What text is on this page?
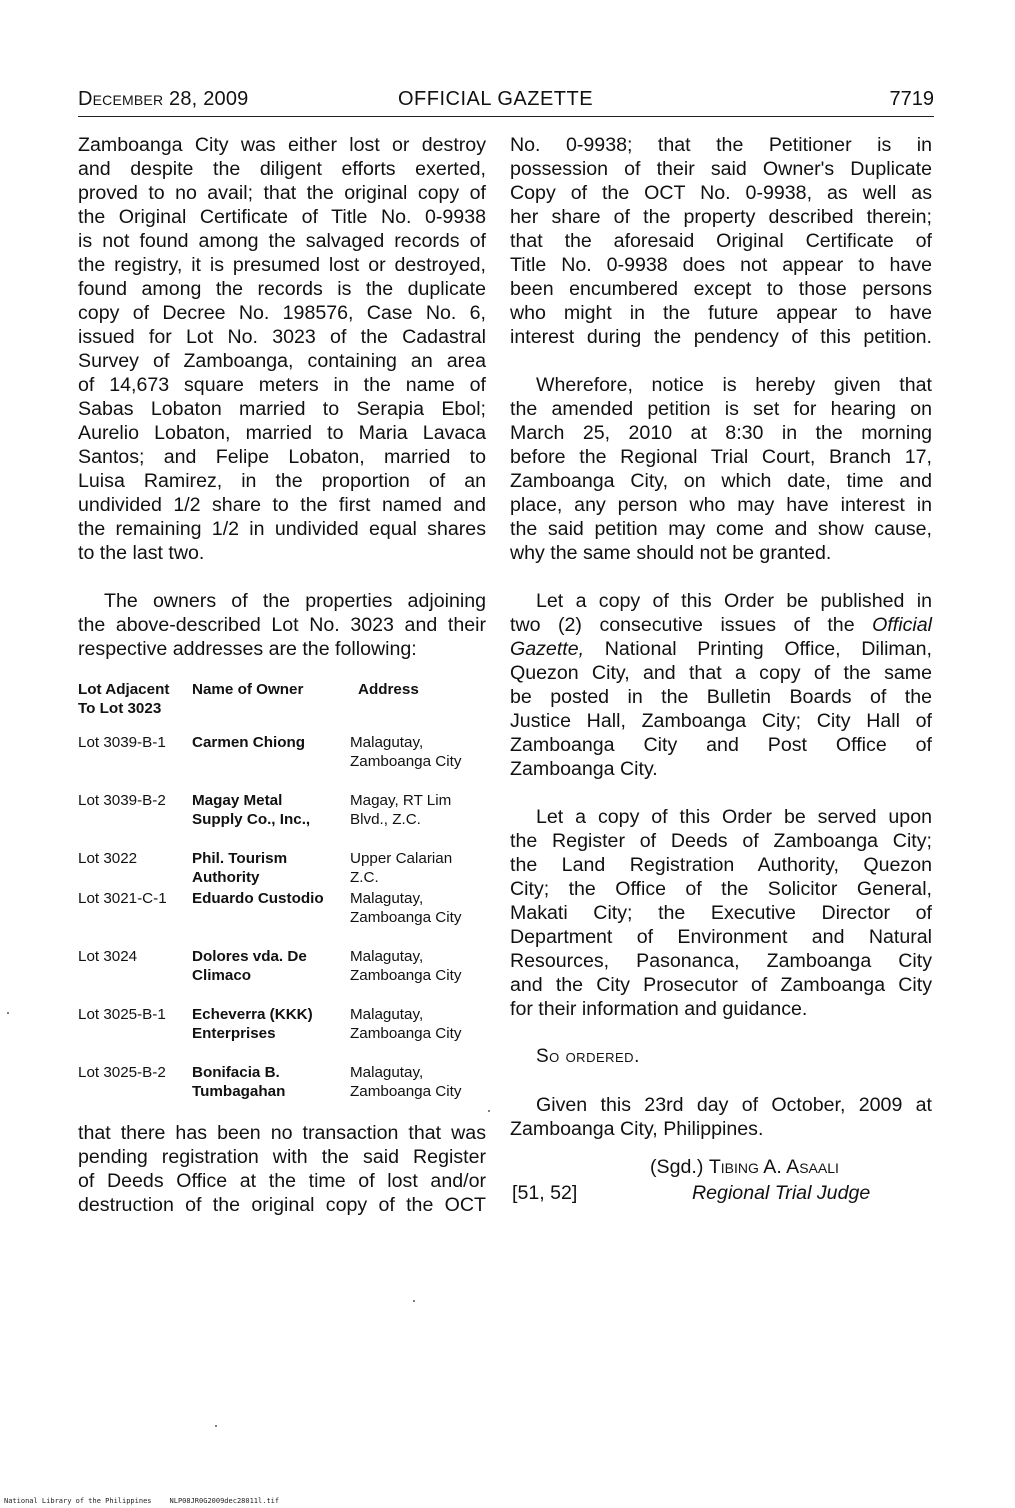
December 28, 2009	OFFICIAL GAZETTE	7719

Zamboanga City was either lost or destroy
and despite the diligent efforts exerted,
proved to no avail; that the original copy of
the Original Certificate of Title No. 0-9938
is not found among the salvaged records of
the registry, it is presumed lost or destroyed,
found among the records is the duplicate
copy of Decree No. 198576, Case No. 6,
issued for Lot No. 3023 of the Cadastral
Survey of Zamboanga, containing an area
of 14,673 square meters in the name of
Sabas Lobaton married to Serapia Ebol;
Aurelio Lobaton, married to Maria Lavaca
Santos; and Felipe Lobaton, married to
Luisa Ramirez, in the proportion of an
undivided 1/2 share to the first named and
the remaining 1/2 in undivided equal shares
to the last two.

The owners of the properties adjoining
the above-described Lot No. 3023 and their
respective addresses are the following:

Lot Adjacent
To Lot 3023	Name of Owner	Address
Lot 3039-B-1	Carmen Chiong	Malagutay,
Zamboanga City
Lot 3039-B-2	Magay Metal
Supply Co., Inc.,	Magay, RT Lim
Blvd., Z.C.
Lot 3022	Phil. Tourism
Authority	Upper Calarian
Z.C.
Lot 3021-C-1	Eduardo Custodio	Malagutay,
Zamboanga City
Lot 3024	Dolores vda. De
Climaco	Malagutay,
Zamboanga City
Lot 3025-B-1	Echeverra (KKK)
Enterprises	Malagutay,
Zamboanga City
Lot 3025-B-2	Bonifacia B.
Tumbagahan	Malagutay,
Zamboanga City

that there has been no transaction that was
pending registration with the said Register
of Deeds Office at the time of lost and/or
destruction of the original copy of the OCT

No. 0-9938; that the Petitioner is in
possession of their said Owner's Duplicate
Copy of the OCT No. 0-9938, as well as
her share of the property described therein;
that the aforesaid Original Certificate of
Title No. 0-9938 does not appear to have
been encumbered except to those persons
who might in the future appear to have
interest during the pendency of this petition.

Wherefore, notice is hereby given that
the amended petition is set for hearing on
March 25, 2010 at 8:30 in the morning
before the Regional Trial Court, Branch 17,
Zamboanga City, on which date, time and
place, any person who may have interest in
the said petition may come and show cause,
why the same should not be granted.

Let a copy of this Order be published in
two (2) consecutive issues of the Official
Gazette, National Printing Office, Diliman,
Quezon City, and that a copy of the same
be posted in the Bulletin Boards of the
Justice Hall, Zamboanga City; City Hall of
Zamboanga City and Post Office of
Zamboanga City.

Let a copy of this Order be served upon
the Register of Deeds of Zamboanga City;
the Land Registration Authority, Quezon
City; the Office of the Solicitor General,
Makati City; the Executive Director of
Department of Environment and Natural
Resources, Pasonanca, Zamboanga City
and the City Prosecutor of Zamboanga City
for their information and guidance.

So ordered.

Given this 23rd day of October, 2009 at
Zamboanga City, Philippines.

(Sgd.) Tibing A. Asaali
[51, 52]	Regional Trial Judge
National Library of the Philippines	NLP08JR0G2009dec28011l.tif
